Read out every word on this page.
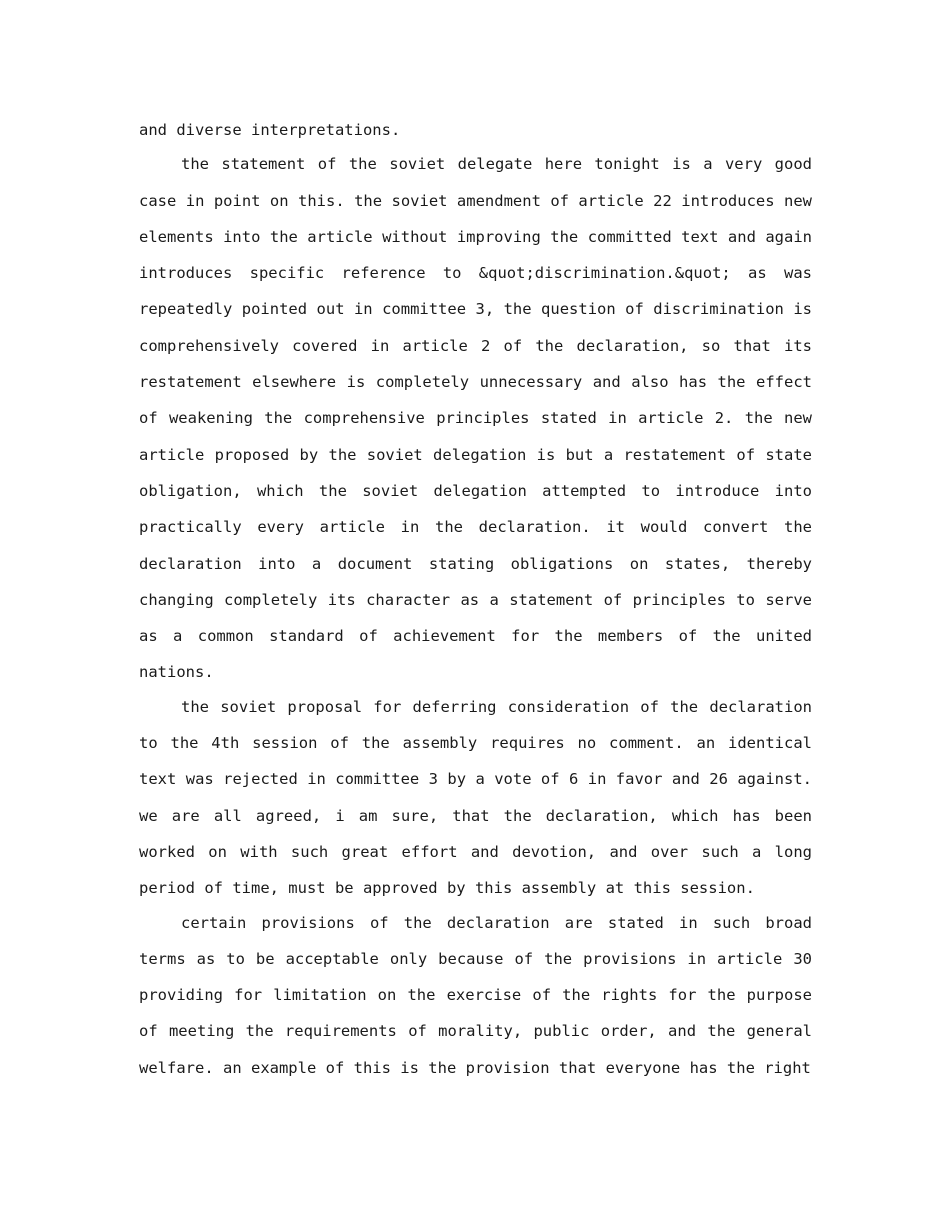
and diverse interpretations.

the statement of the soviet delegate here tonight is a very good case in point on this. the soviet amendment of article 22 introduces new elements into the article without improving the committed text and again introduces specific reference to &quot;discrimination.&quot; as was repeatedly pointed out in committee 3, the question of discrimination is comprehensively covered in article 2 of the declaration, so that its restatement elsewhere is completely unnecessary and also has the effect of weakening the comprehensive principles stated in article 2. the new article proposed by the soviet delegation is but a restatement of state obligation, which the soviet delegation attempted to introduce into practically every article in the declaration. it would convert the declaration into a document stating obligations on states, thereby changing completely its character as a statement of principles to serve as a common standard of achievement for the members of the united nations.

the soviet proposal for deferring consideration of the declaration to the 4th session of the assembly requires no comment. an identical text was rejected in committee 3 by a vote of 6 in favor and 26 against. we are all agreed, i am sure, that the declaration, which has been worked on with such great effort and devotion, and over such a long period of time, must be approved by this assembly at this session.

certain provisions of the declaration are stated in such broad terms as to be acceptable only because of the provisions in article 30 providing for limitation on the exercise of the rights for the purpose of meeting the requirements of morality, public order, and the general welfare. an example of this is the provision that everyone has the right
